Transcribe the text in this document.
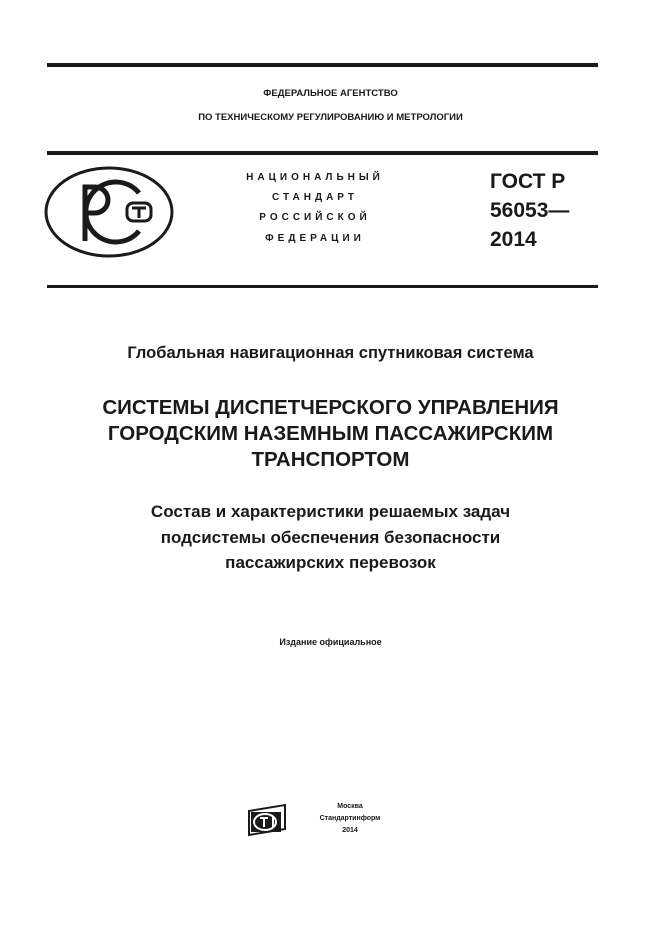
ФЕДЕРАЛЬНОЕ АГЕНТСТВО
ПО ТЕХНИЧЕСКОМУ РЕГУЛИРОВАНИЮ И МЕТРОЛОГИИ
НАЦИОНАЛЬНЫЙ
СТАНДАРТ
РОССИЙСКОЙ
ФЕДЕРАЦИИ
ГОСТ Р
56053—
2014
Глобальная навигационная спутниковая система
СИСТЕМЫ ДИСПЕТЧЕРСКОГО УПРАВЛЕНИЯ
ГОРОДСКИМ НАЗЕМНЫМ ПАССАЖИРСКИМ
ТРАНСПОРТОМ
Состав и характеристики решаемых задач
подсистемы обеспечения безопасности
пассажирских перевозок
Издание официальное
Москва
Стандартинформ
2014
